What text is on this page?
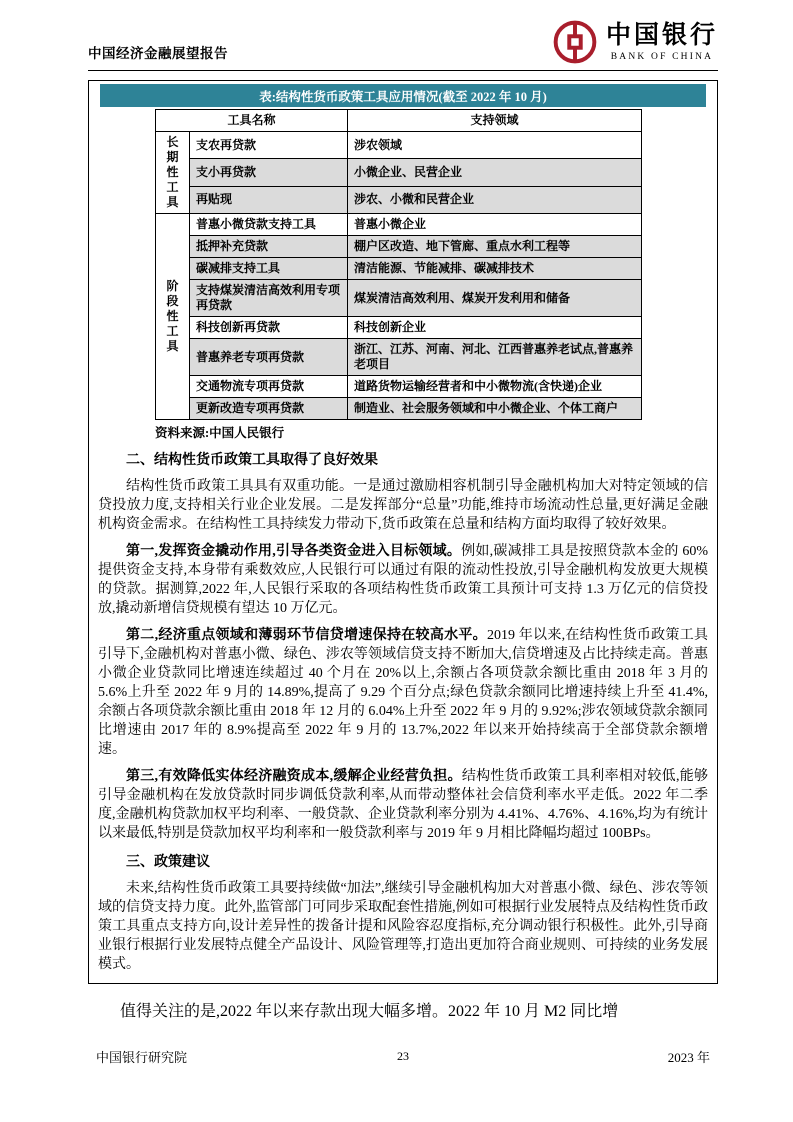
中国经济金融展望报告
中国银行
BANK OF CHINA
表:结构性货币政策工具应用情况(截至 2022 年 10 月)
工具名称		支持领域
长期性工具	支农再贷款	涉农领域
	支小再贷款	小微企业、民营企业
	再贴现	涉农、小微和民营企业
阶段性工具	普惠小微贷款支持工具	普惠小微企业
	抵押补充贷款	棚户区改造、地下管廊、重点水利工程等
	碳减排支持工具	清洁能源、节能减排、碳减排技术
	支持煤炭清洁高效利用专项再贷款	煤炭清洁高效利用、煤炭开发利用和储备
	科技创新再贷款	科技创新企业
	普惠养老专项再贷款	浙江、江苏、河南、河北、江西普惠养老试点,普惠养老项目
	交通物流专项再贷款	道路货物运输经营者和中小微物流(含快递)企业
	更新改造专项再贷款	制造业、社会服务领域和中小微企业、个体工商户
资料来源:中国人民银行
二、结构性货币政策工具取得了良好效果

结构性货币政策工具具有双重功能。一是通过激励相容机制引导金融机构加大对特定领域的信贷投放力度,支持相关行业企业发展。二是发挥部分“总量”功能,维持市场流动性总量,更好满足金融机构资金需求。在结构性工具持续发力带动下,货币政策在总量和结构方面均取得了较好效果。

第一,发挥资金撬动作用,引导各类资金进入目标领域。例如,碳减排工具是按照贷款本金的 60%提供资金支持,本身带有乘数效应,人民银行可以通过有限的流动性投放,引导金融机构发放更大规模的贷款。据测算,2022 年,人民银行采取的各项结构性货币政策工具预计可支持 1.3 万亿元的信贷投放,撬动新增信贷规模有望达 10 万亿元。

第二,经济重点领域和薄弱环节信贷增速保持在较高水平。2019 年以来,在结构性货币政策工具引导下,金融机构对普惠小微、绿色、涉农等领域信贷支持不断加大,信贷增速及占比持续走高。普惠小微企业贷款同比增速连续超过 40 个月在 20%以上,余额占各项贷款余额比重由 2018 年 3 月的 5.6%上升至 2022 年 9 月的 14.89%,提高了 9.29 个百分点;绿色贷款余额同比增速持续上升至 41.4%,余额占各项贷款余额比重由 2018 年 12 月的 6.04%上升至 2022 年 9 月的 9.92%;涉农领域贷款余额同比增速由 2017 年的 8.9%提高至 2022 年 9 月的 13.7%,2022 年以来开始持续高于全部贷款余额增速。

第三,有效降低实体经济融资成本,缓解企业经营负担。结构性货币政策工具利率相对较低,能够引导金融机构在发放贷款时同步调低贷款利率,从而带动整体社会信贷利率水平走低。2022 年二季度,金融机构贷款加权平均利率、一般贷款、企业贷款利率分别为 4.41%、4.76%、4.16%,均为有统计以来最低,特别是贷款加权平均利率和一般贷款利率与 2019 年 9 月相比降幅均超过 100BPs。

三、政策建议

未来,结构性货币政策工具要持续做“加法”,继续引导金融机构加大对普惠小微、绿色、涉农等领域的信贷支持力度。此外,监管部门可同步采取配套性措施,例如可根据行业发展特点及结构性货币政策工具重点支持方向,设计差异性的拨备计提和风险容忍度指标,充分调动银行积极性。此外,引导商业银行根据行业发展特点健全产品设计、风险管理等,打造出更加符合商业规则、可持续的业务发展模式。

值得关注的是,2022 年以来存款出现大幅多增。2022 年 10 月 M2 同比增

中国银行研究院	23	2023 年
